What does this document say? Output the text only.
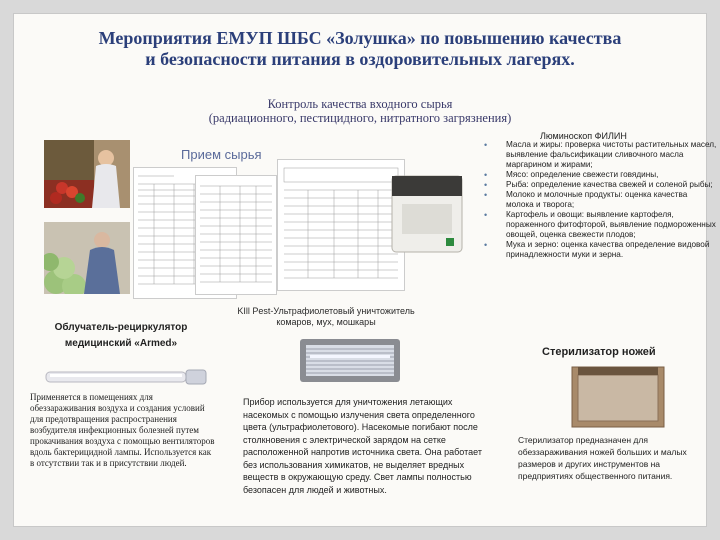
Мероприятия ЕМУП ШБС «Золушка» по повышению качества
и безопасности питания в оздоровительных лагерях.
Контроль качества входного сырья
(радиационного, пестицидного, нитратного загрязнения)
Прием сырья
Облучатель-рециркулятор
медицинский «Armed»
Применяется в помещениях для обеззараживания воздуха и создания условий для предотвращения распространения возбудителя инфекционных болезней путем прокачивания воздуха с помощью вентиляторов вдоль бактерицидной лампы. Используется как в отсутствии так и в присутствии людей.
KIll Pest-Ультрафиолетовый уничтожитель комаров, мух, мошкары
Прибор используется для уничтожения летающих насекомых с помощью излучения света определенного цвета (ультрафиолетового). Насекомые погибают после столкновения с электрической зарядом на сетке расположенной напротив источника света. Она работает без использования химикатов, не выделяет вредных веществ в окружающую среду. Свет лампы полностью безопасен для людей и животных.
Люминоскоп ФИЛИН
• Масла и жиры: проверка чистоты растительных масел, выявление фальсификации сливочного масла маргарином и жирами;
• Мясо: определение свежести говядины,
• Рыба: определение качества свежей и соленой рыбы;
• Молоко и молочные продукты: оценка качества молока и творога;
• Картофель и овощи: выявление картофеля, пораженного фитофторой, выявление подмороженных овощей, оценка свежести плодов;
• Мука и зерно: оценка качества определение видовой принадлежности муки и зерна.
Стерилизатор ножей
Стерилизатор предназначен для обеззараживания ножей больших и малых размеров и других инструментов на предприятиях общественного питания.
